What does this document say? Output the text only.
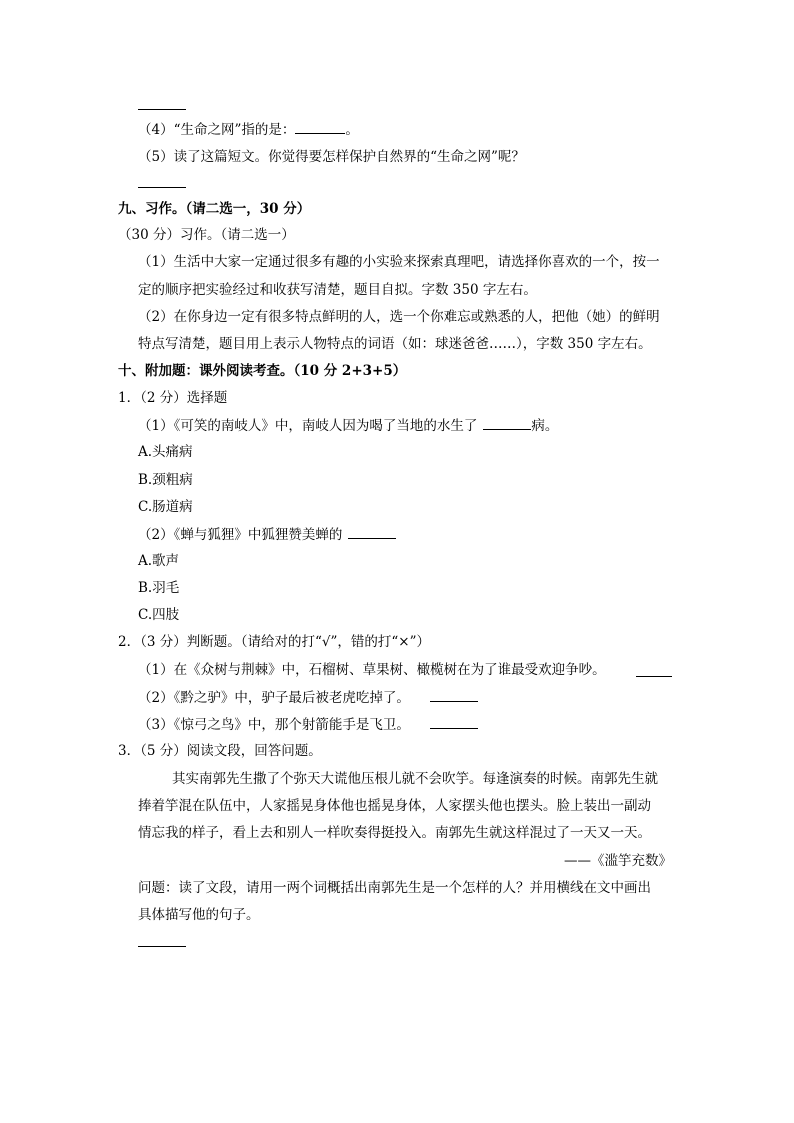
（4）“生命之网”指的是：	。
（5）读了这篇短文。你觉得要怎样保护自然界的“生命之网”呢？
九、习作。（请二选一，30 分）
（30 分）习作。（请二选一）
（1）生活中大家一定通过很多有趣的小实验来探索真理吧，请选择你喜欢的一个，按一
定的顺序把实验经过和收获写清楚，题目自拟。字数 350 字左右。
（2）在你身边一定有很多特点鲜明的人，选一个你难忘或熟悉的人，把他（她）的鲜明
特点写清楚，题目用上表示人物特点的词语（如：球迷爸爸……），字数 350 字左右。
十、附加题：课外阅读考查。（10 分 2+3+5）
1．（2 分）选择题
（1）《可笑的南岐人》中，南岐人因为喝了当地的水生了	病。
A.头痛病
B.颈粗病
C.肠道病
（2）《蝉与狐狸》中狐狸赞美蝉的
A.歌声
B.羽毛
C.四肢
2．（3 分）判断题。（请给对的打“√”，错的打“×”）
（1）在《众树与荆棘》中，石榴树、草果树、橄榄树在为了谁最受欢迎争吵。
（2）《黔之驴》中，驴子最后被老虎吃掉了。
（3）《惊弓之鸟》中，那个射箭能手是飞卫。
3．（5 分）阅读文段，回答问题。
其实南郭先生撒了个弥天大谎他压根儿就不会吹竽。每逢演奏的时候。南郭先生就
捧着竽混在队伍中，人家摇晃身体他也摇晃身体，人家摆头他也摆头。脸上装出一副动
情忘我的样子，看上去和别人一样吹奏得挺投入。南郭先生就这样混过了一天又一天。
——《滥竽充数》
问题：读了文段，请用一两个词概括出南郭先生是一个怎样的人？并用横线在文中画出
具体描写他的句子。
